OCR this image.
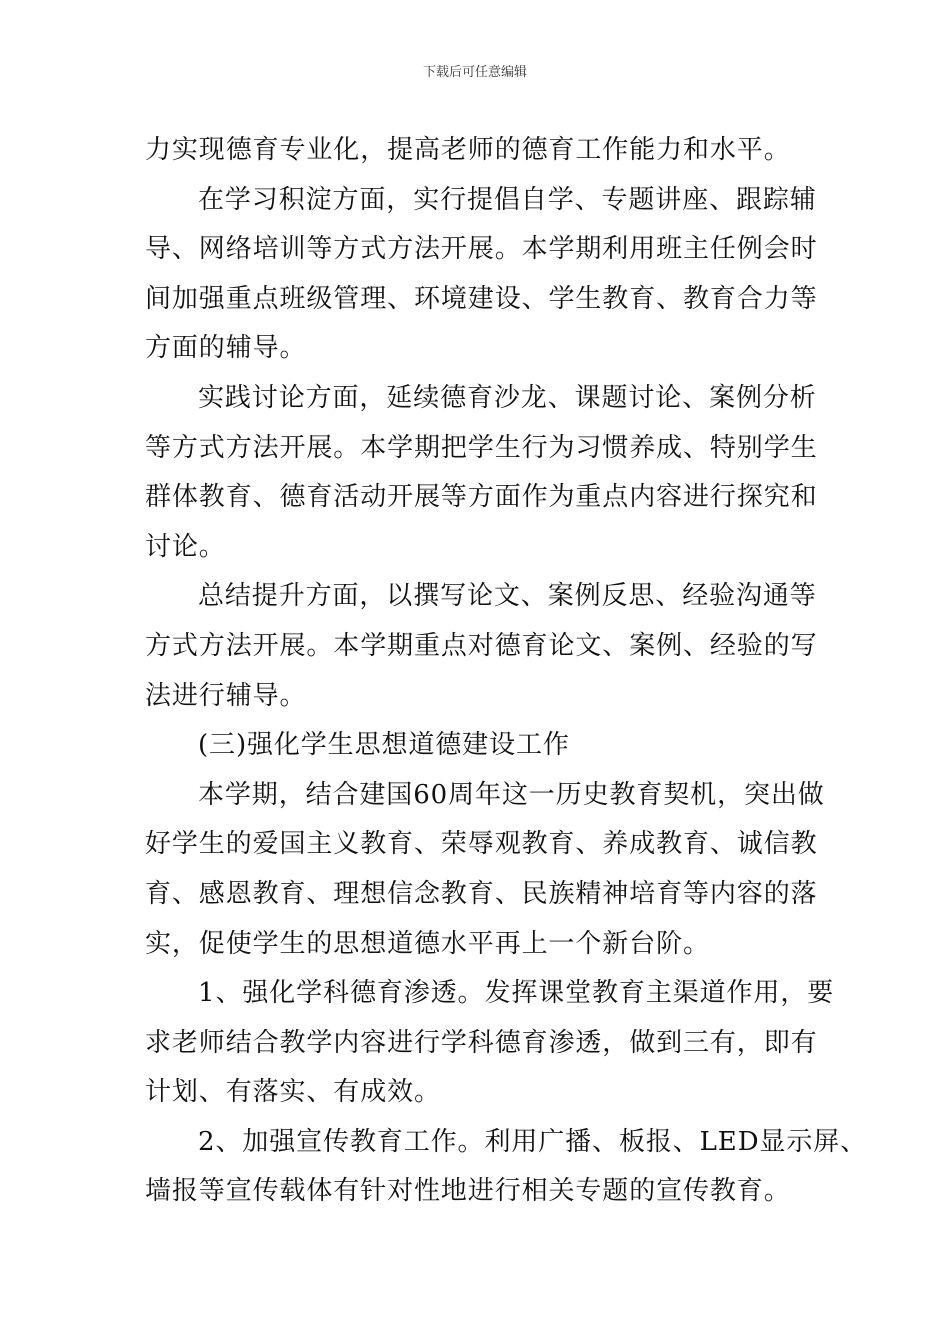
下载后可任意编辑
力实现德育专业化，提高老师的德育工作能力和水平。
在学习积淀方面，实行提倡自学、专题讲座、跟踪辅
导、网络培训等方式方法开展。本学期利用班主任例会时
间加强重点班级管理、环境建设、学生教育、教育合力等
方面的辅导。
实践讨论方面，延续德育沙龙、课题讨论、案例分析
等方式方法开展。本学期把学生行为习惯养成、特别学生
群体教育、德育活动开展等方面作为重点内容进行探究和
讨论。
总结提升方面，以撰写论文、案例反思、经验沟通等
方式方法开展。本学期重点对德育论文、案例、经验的写
法进行辅导。
(三)强化学生思想道德建设工作
本学期，结合建国60周年这一历史教育契机，突出做
好学生的爱国主义教育、荣辱观教育、养成教育、诚信教
育、感恩教育、理想信念教育、民族精神培育等内容的落
实，促使学生的思想道德水平再上一个新台阶。
1、强化学科德育渗透。发挥课堂教育主渠道作用，要
求老师结合教学内容进行学科德育渗透，做到三有，即有
计划、有落实、有成效。
2、加强宣传教育工作。利用广播、板报、LED显示屏、
墙报等宣传载体有针对性地进行相关专题的宣传教育。
